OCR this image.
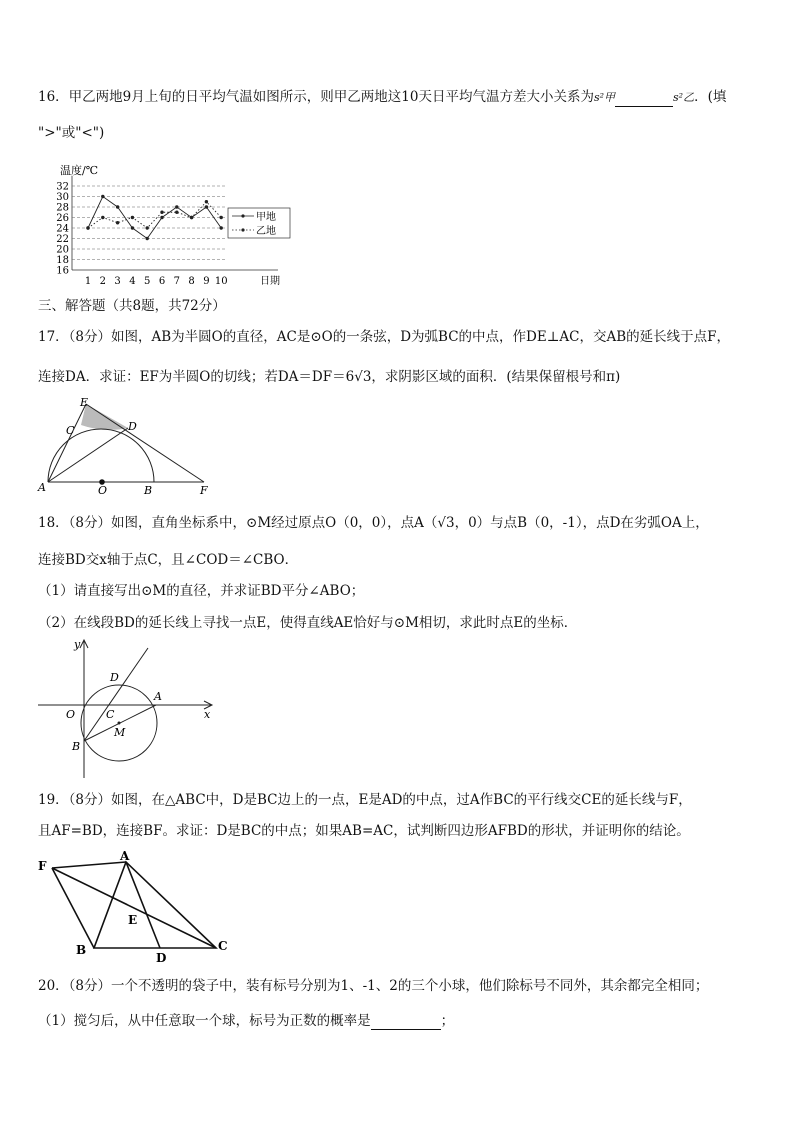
16．甲乙两地9月上旬的日平均气温如图所示，则甲乙两地这10天日平均气温方差大小关系为s²甲	s²乙．(填
">"或"<")
温度/℃
16
18
20
22
24
26
28
30
32
1 2 3 4 5 6 7 8 9 10	日期
甲地
乙地
三、解答题（共8题，共72分）
17．（8分）如图，AB为半圆O的直径，AC是⊙O的一条弦，D为弧BC的中点，作DE⊥AC，交AB的延长线于点F，
连接DA．求证：EF为半圆O的切线；若DA＝DF＝6√3，求阴影区域的面积．(结果保留根号和π)
E
C	D
A	O	B	F
18．（8分）如图，直角坐标系中，⊙M经过原点O（0，0），点A（√3，0）与点B（0，-1），点D在劣弧OA上，
连接BD交x轴于点C，且∠COD＝∠CBO．
（1）请直接写出⊙M的直径，并求证BD平分∠ABO；
（2）在线段BD的延长线上寻找一点E，使得直线AE恰好与⊙M相切，求此时点E的坐标．
y
x
O
D
A
C
M
B
19．（8分）如图，在△ABC中，D是BC边上的一点，E是AD的中点，过A作BC的平行线交CE的延长线与F，
且AF=BD，连接BF。求证：D是BC的中点；如果AB=AC，试判断四边形AFBD的形状，并证明你的结论。
F
A
E
B
D
C
20．（8分）一个不透明的袋子中，装有标号分别为1、-1、2的三个小球，他们除标号不同外，其余都完全相同；
（1）搅匀后，从中任意取一个球，标号为正数的概率是	；
